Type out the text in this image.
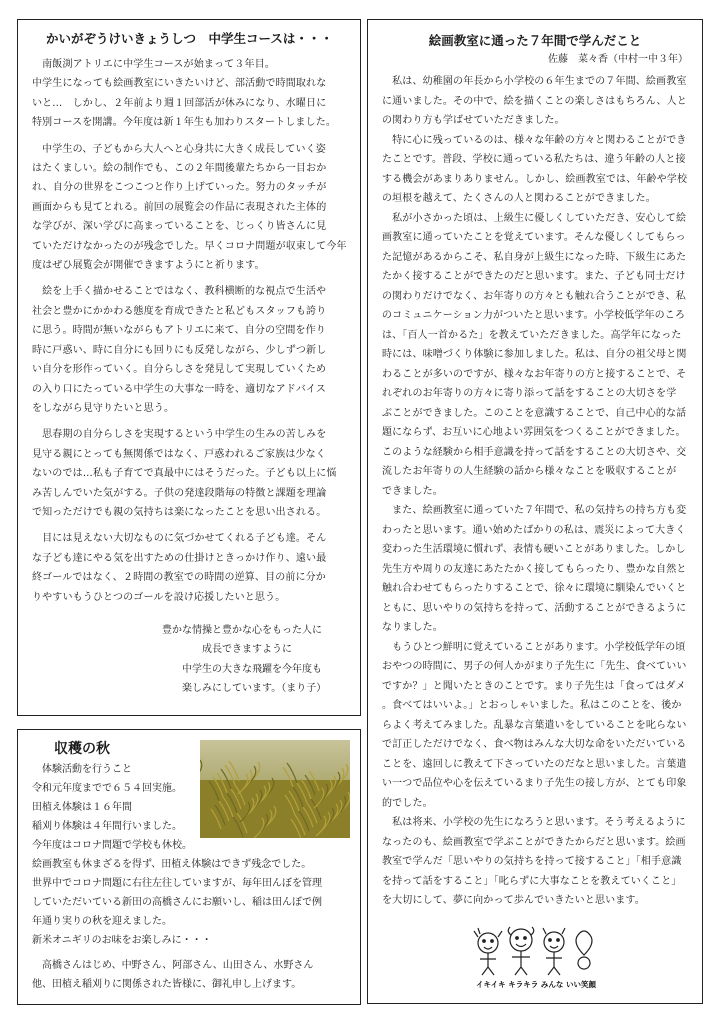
かいがぞうけいきょうしつ　中学生コースは・・・

　南飯渕アトリエに中学生コースが始まって３年目。
中学生になっても絵画教室にいきたいけど、部活動で時間取れな
いと…　しかし、２年前より週１回部活が休みになり、水曜日に
特別コースを開講。今年度は新１年生も加わりスタートしました。

　中学生の、子どもから大人へと心身共に大きく成長していく姿
はたくましい。絵の制作でも、この２年間後輩たちから一目おか
れ、自分の世界をこつこつと作り上げていった。努力のタッチが
画面からも見てとれる。前回の展覧会の作品に表現された主体的
な学びが、深い学びに高まっていることを、じっくり皆さんに見
ていただけなかったのが残念でした。早くコロナ問題が収束して今年
度はぜひ展覧会が開催できますようにと祈ります。

　絵を上手く描かせることではなく、教科横断的な視点で生活や
社会と豊かにかかわる態度を育成できたと私どもスタッフも誇り
に思う。時間が無いながらもアトリエに来て、自分の空間を作り
時に戸惑い、時に自分にも回りにも反発しながら、少しずつ新し
い自分を形作っていく。自分らしさを発見して実現していくため
の入り口にたっている中学生の大事な一時を、適切なアドバイス
をしながら見守りたいと思う。

　思春期の自分らしさを実現するという中学生の生みの苦しみを
見守る親にとっても無関係ではなく、戸惑われるご家族は少なく
ないのでは…私も子育てで真最中にはそうだった。子ども以上に悩
み苦しんでいた気がする。子供の発達段階毎の特徴と課題を理論
で知っただけでも親の気持ちは楽になったことを思い出される。

　目には見えない大切なものに気づかせてくれる子ども達。そん
な子ども達にやる気を出すための仕掛けときっかけ作り、遠い最
終ゴールではなく、２時間の教室での時間の逆算、目の前に分か
りやすいもうひとつのゴールを設け応援したいと思う。

豊かな情操と豊かな心をもった人に
成長できますように
中学生の大きな飛躍を今年度も
楽しみにしています。（まり子）
収穫の秋
体験活動を行うこと
令和元年度までで６５４回実施。
田植え体験は１６年間
稲刈り体験は４年間行いました。
今年度はコロナ問題で学校も休校。
絵画教室も休まざるを得ず、田植え体験はできず残念でした。
世界中でコロナ問題に右往左往していますが、毎年田んぼを管理
していただいている新田の高橋さんにお願いし、稲は田んぼで例
年通り実りの秋を迎えました。
新米オニギリのお味をお楽しみに・・・
　高橋さんはじめ、中野さん、阿部さん、山田さん、水野さん
他、田植え稲刈りに関係された皆様に、御礼申し上げます。
絵画教室に通った７年間で学んだこと
佐藤　菜々香（中村一中３年）

　私は、幼稚園の年長から小学校の６年生までの７年間、絵画教室
に通いました。その中で、絵を描くことの楽しさはもちろん、人と
の関わり方も学ばせていただきました。

　特に心に残っているのは、様々な年齢の方々と関わることができ
たことです。普段、学校に通っている私たちは、違う年齢の人と接
する機会があまりありません。しかし、絵画教室では、年齢や学校
の垣根を越えて、たくさんの人と関わることができました。

　私が小さかった頃は、上級生に優しくしていただき、安心して絵
画教室に通っていたことを覚えています。そんな優しくしてもらっ
た記憶があるからこそ、私自身が上級生になった時、下級生にあた
たかく接することができたのだと思います。また、子ども同士だけ
の関わりだけでなく、お年寄りの方々とも触れ合うことができ、私
のコミュニケーション力がついたと思います。小学校低学年のころ
は、「百人一首かるた」を教えていただきました。高学年になった
時には、味噌づくり体験に参加しました。私は、自分の祖父母と関
わることが多いのですが、様々なお年寄りの方と接することで、そ
れぞれのお年寄りの方々に寄り添って話をすることの大切さを学
ぶことができました。このことを意識することで、自己中心的な話
題にならず、お互いに心地よい雰囲気をつくることができました。
このような経験から相手意識を持って話をすることの大切さや、交
流したお年寄りの人生経験の話から様々なことを吸収することが
できました。

　また、絵画教室に通っていた７年間で、私の気持ちの持ち方も変
わったと思います。通い始めたばかりの私は、震災によって大きく
変わった生活環境に慣れず、表情も硬いことがありました。しかし
先生方や周りの友達にあたたかく接してもらったり、豊かな自然と
触れ合わせてもらったりすることで、徐々に環境に馴染んでいくと
ともに、思いやりの気持ちを持って、活動することができるように
なりました。

　もうひとつ鮮明に覚えていることがあります。小学校低学年の頃
おやつの時間に、男子の何人かがまり子先生に「先生、食べていい
ですか？」と聞いたときのことです。まり子先生は「食ってはダメ
。食べてはいいよ。」とおっしゃいました。私はこのことを、後か
らよく考えてみました。乱暴な言葉遣いをしていることを叱らない
で訂正しただけでなく、食べ物はみんな大切な命をいただいている
ことを、遠回しに教えて下さっていたのだなと思いました。言葉遣
い一つで品位や心を伝えているまり子先生の接し方が、とても印象
的でした。

　私は将来、小学校の先生になろうと思います。そう考えるように
なったのも、絵画教室で学ぶことができたからだと思います。絵画
教室で学んだ「思いやりの気持ちを持って接すること」「相手意識
を持って話をすること」「叱らずに大事なことを教えていくこと」
を大切にして、夢に向かって歩んでいきたいと思います。

イキイキ キラキラ みんな いい笑顔
